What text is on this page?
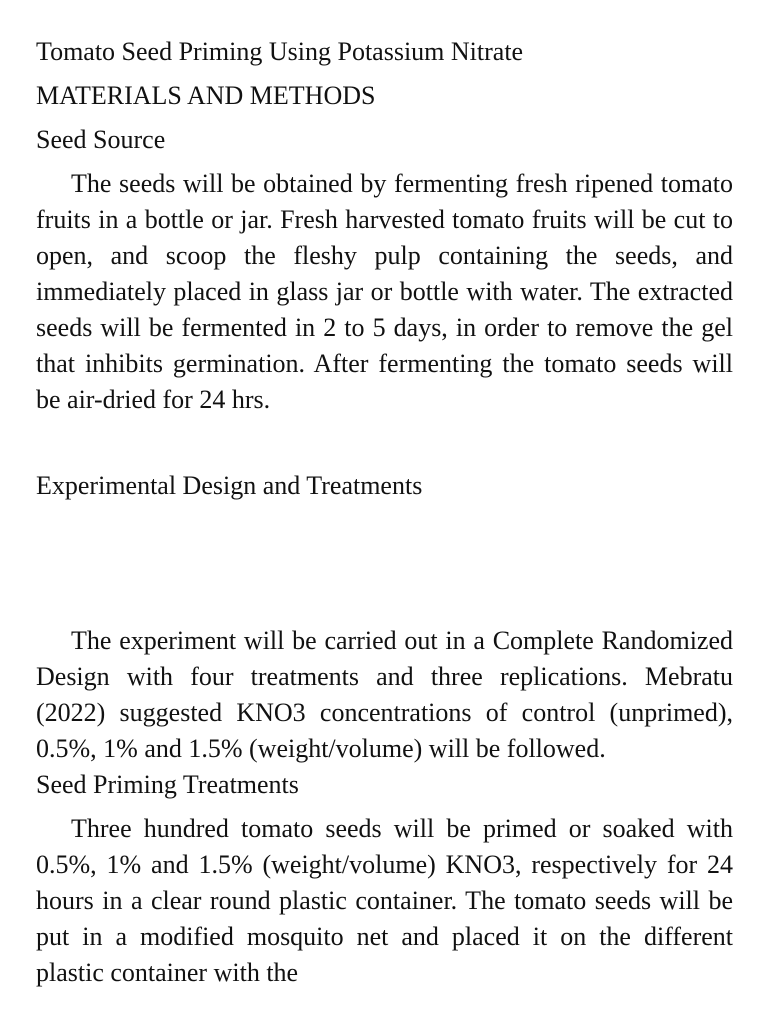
Tomato Seed Priming Using Potassium Nitrate

MATERIALS AND METHODS

Seed Source

The seeds will be obtained by fermenting fresh ripened tomato fruits in a bottle or jar. Fresh harvested tomato fruits will be cut to open, and scoop the fleshy pulp containing the seeds, and immediately placed in glass jar or bottle with water. The extracted seeds will be fermented in 2 to 5 days, in order to remove the gel that inhibits germination. After fermenting the tomato seeds will be air-dried for 24 hrs.

Experimental Design and Treatments

The experiment will be carried out in a Complete Randomized Design with four treatments and three replications. Mebratu (2022) suggested KNO3 concentrations of control (unprimed), 0.5%, 1% and 1.5% (weight/volume) will be followed.

Seed Priming Treatments

Three hundred tomato seeds will be primed or soaked with 0.5%, 1% and 1.5% (weight/volume) KNO3, respectively for 24 hours in a clear round plastic container. The tomato seeds will be put in a modified mosquito net and placed it on the different plastic container with the
